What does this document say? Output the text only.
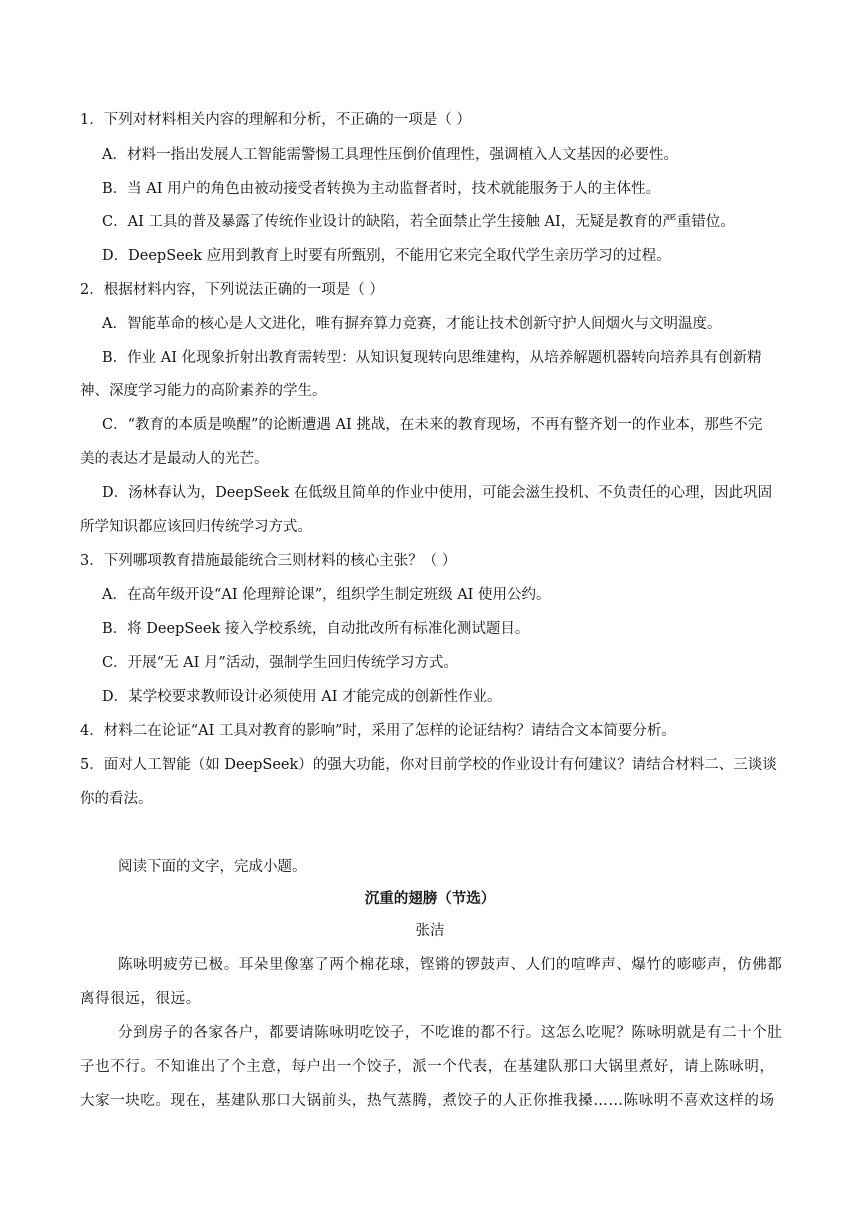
1．下列对材料相关内容的理解和分析，不正确的一项是（ ）
A．材料一指出发展人工智能需警惕工具理性压倒价值理性，强调植入人文基因的必要性。
B．当 AI 用户的角色由被动接受者转换为主动监督者时，技术就能服务于人的主体性。
C．AI 工具的普及暴露了传统作业设计的缺陷，若全面禁止学生接触 AI，无疑是教育的严重错位。
D．DeepSeek 应用到教育上时要有所甄别，不能用它来完全取代学生亲历学习的过程。
2．根据材料内容，下列说法正确的一项是（ ）
A．智能革命的核心是人文进化，唯有摒弃算力竞赛，才能让技术创新守护人间烟火与文明温度。
B．作业 AI 化现象折射出教育需转型：从知识复现转向思维建构，从培养解题机器转向培养具有创新精
神、深度学习能力的高阶素养的学生。
C．“教育的本质是唤醒”的论断遭遇 AI 挑战，在未来的教育现场，不再有整齐划一的作业本，那些不完
美的表达才是最动人的光芒。
D．汤林春认为，DeepSeek 在低级且简单的作业中使用，可能会滋生投机、不负责任的心理，因此巩固
所学知识都应该回归传统学习方式。
3．下列哪项教育措施最能统合三则材料的核心主张？（ ）
A．在高年级开设“AI 伦理辩论课”，组织学生制定班级 AI 使用公约。
B．将 DeepSeek 接入学校系统，自动批改所有标准化测试题目。
C．开展“无 AI 月”活动，强制学生回归传统学习方式。
D．某学校要求教师设计必须使用 AI 才能完成的创新性作业。
4．材料二在论证“AI 工具对教育的影响”时，采用了怎样的论证结构？请结合文本简要分析。
5．面对人工智能（如 DeepSeek）的强大功能，你对目前学校的作业设计有何建议？请结合材料二、三谈谈
你的看法。
阅读下面的文字，完成小题。
沉重的翅膀（节选）
张洁
陈咏明疲劳已极。耳朵里像塞了两个棉花球，铿锵的锣鼓声、人们的喧哗声、爆竹的嘭嘭声，仿佛都
离得很远，很远。
分到房子的各家各户，都要请陈咏明吃饺子，不吃谁的都不行。这怎么吃呢？陈咏明就是有二十个肚
子也不行。不知谁出了个主意，每户出一个饺子，派一个代表，在基建队那口大锅里煮好，请上陈咏明，
大家一块吃。现在，基建队那口大锅前头，热气蒸腾，煮饺子的人正你推我搡……陈咏明不喜欢这样的场
